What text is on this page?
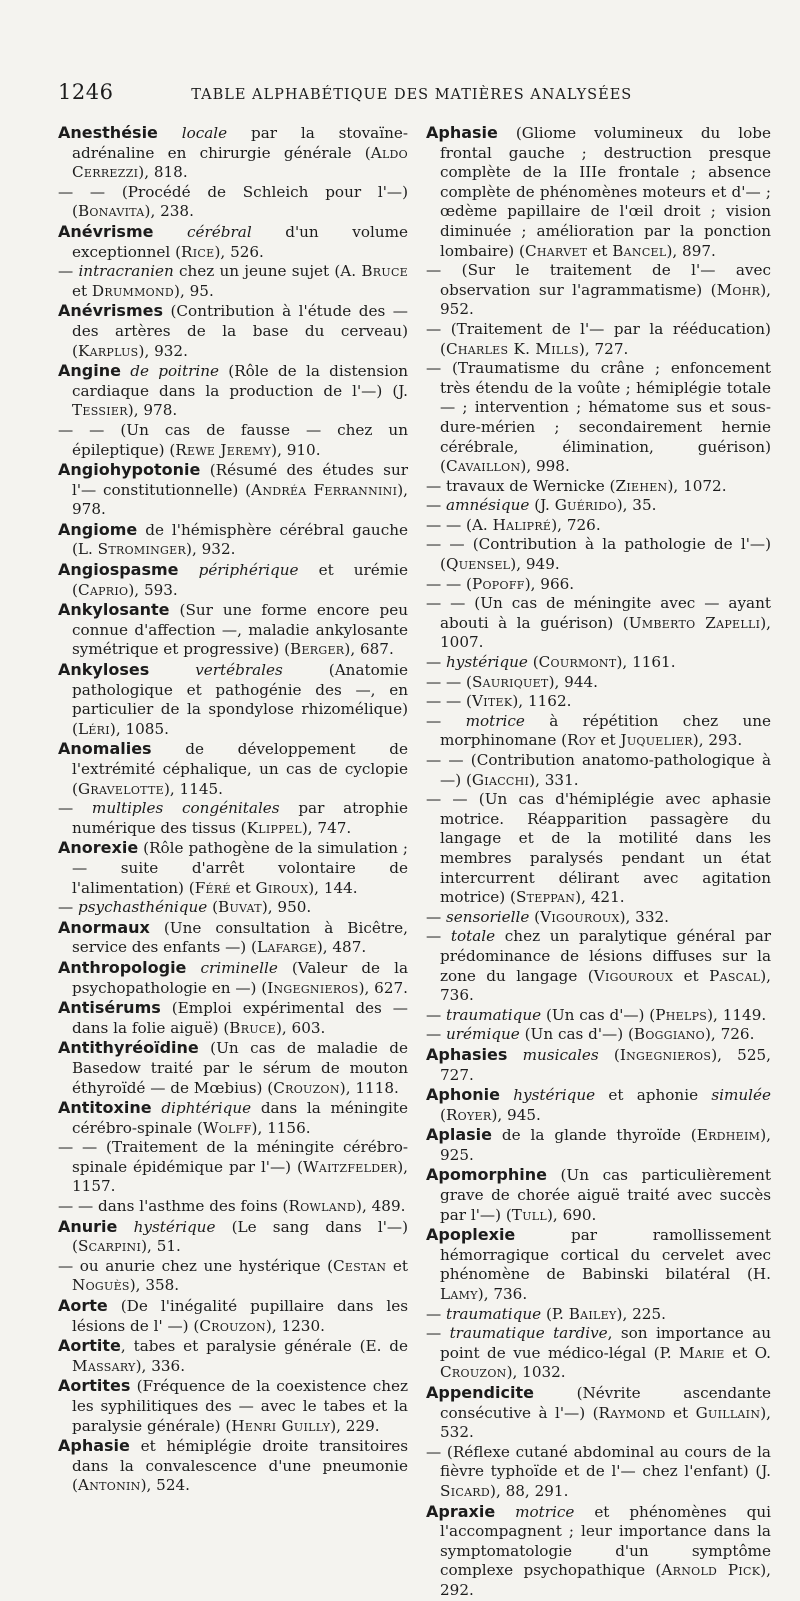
1246	TABLE ALPHABÉTIQUE DES MATIÈRES ANALYSÉES

Anesthésie locale par la stovaïne-adrénaline en chirurgie générale (Aldo Cerrezzi), 818.

— — (Procédé de Schleich pour l'—) (Bonavita), 238.

Anévrisme cérébral d'un volume exceptionnel (Rice), 526.

— intracranien chez un jeune sujet (A. Bruce et Drummond), 95.

Anévrismes (Contribution à l'étude des — des artères de la base du cerveau) (Karplus), 932.

Angine de poitrine (Rôle de la distension cardiaque dans la production de l'—) (J. Tessier), 978.

— — (Un cas de fausse — chez un épileptique) (Rewe Jeremy), 910.

Angiohypotonie (Résumé des études sur l'— constitutionnelle) (Andréa Ferrannini), 978.

Angiome de l'hémisphère cérébral gauche (L. Strominger), 932.

Angiospasme périphérique et urémie (Caprio), 593.

Ankylosante (Sur une forme encore peu connue d'affection —, maladie ankylosante symétrique et progressive) (Berger), 687.

Ankyloses	vertébrales (Anatomie pathologique et pathogénie des —, en particulier de la spondylose rhizomélique) (Léri), 1085.

Anomalies de développement de l'extrémité céphalique, un cas de cyclopie (Gravelotte), 1145.

— multiples congénitales par atrophie numérique des tissus (Klippel), 747.

Anorexie (Rôle pathogène de la simulation ; — suite d'arrêt volontaire de l'alimentation) (Féré et Giroux), 144.

— psychasthénique (Buvat), 950.

Anormaux (Une consultation à Bicêtre, service des enfants —) (Lafarge), 487.

Anthropologie criminelle (Valeur de la psychopathologie en —) (Ingegnieros), 627.

Antisérums (Emploi expérimental des — dans la folie aiguë) (Bruce), 603.

Antithyréoïdine (Un cas de maladie de Basedow traité par le sérum de mouton éthyroïdé — de Mœbius) (Crouzon), 1118.

Antitoxine diphtérique dans la méningite cérébro-spinale (Wolff), 1156.

— — (Traitement de la méningite cérébro-spinale épidémique par l'—) (Waitzfelder), 1157.

— — dans l'asthme des foins (Rowland), 489.

Anurie hystérique (Le sang dans l'—) (Scarpini), 51.

— ou anurie chez une hystérique (Cestan et Noguès), 358.

Aorte (De l'inégalité pupillaire dans les lésions de l' —) (Crouzon), 1230.

Aortite, tabes et paralysie générale (E. de Massary), 336.

Aortites (Fréquence de la coexistence chez les syphilitiques des — avec le tabes et la paralysie générale) (Henri Guilly), 229.

Aphasie et hémiplégie droite transitoires dans la convalescence d'une pneumonie (Antonin), 524.

Aphasie (Gliome volumineux du lobe frontal gauche ; destruction presque complète de la IIIe frontale ; absence complète de phénomènes moteurs et d'— ; œdème papillaire de l'œil droit ; vision diminuée ; amélioration par la ponction lombaire) (Charvet et Bancel), 897.

— (Sur le traitement de l'— avec observation sur l'agrammatisme) (Mohr), 952.

— (Traitement de l'— par la rééducation) (Charles K. Mills), 727.

— (Traumatisme du crâne ; enfoncement très étendu de la voûte ; hémiplégie totale — ; intervention ; hématome sus et sous-dure-mérien ; secondairement hernie cérébrale, élimination, guérison) (Cavaillon), 998.

— travaux de Wernicke (Ziehen), 1072.

— amnésique (J. Guérido), 35.

— — (A. Halipré), 726.

— — (Contribution à la pathologie de l'—) (Quensel), 949.

— — (Popoff), 966.

— — (Un cas de méningite avec — ayant abouti à la guérison) (Umberto Zapelli), 1007.

— hystérique (Courmont), 1161.

— — (Sauriquet), 944.

— — (Vitek), 1162.

— motrice à répétition chez une morphinomane (Roy et Juquelier), 293.

— — (Contribution anatomo-pathologique à —) (Giacchi), 331.

— — (Un cas d'hémiplégie avec aphasie motrice. Réapparition passagère du langage et de la motilité dans les membres paralysés pendant un état intercurrent délirant avec agitation motrice) (Steppan), 421.

— sensorielle (Vigouroux), 332.

— totale chez un paralytique général par prédominance de lésions diffuses sur la zone du langage (Vigouroux et Pascal), 736.

— traumatique (Un cas d'—) (Phelps), 1149.

— urémique (Un cas d'—) (Boggiano), 726.

Aphasies musicales (Ingegnieros), 525, 727.

Aphonie hystérique et aphonie simulée (Royer), 945.

Aplasie de la glande thyroïde (Erdheim), 925.

Apomorphine (Un cas particulièrement grave de chorée aiguë traité avec succès par l'—) (Tull), 690.

Apoplexie par ramollissement hémorragique cortical du cervelet avec phénomène de Babinski bilatéral (H. Lamy), 736.

— traumatique (P. Bailey), 225.

— traumatique tardive, son importance au point de vue médico-légal (P. Marie et O. Crouzon), 1032.

Appendicite (Névrite ascendante consécutive à l'—) (Raymond et Guillain), 532.

— (Réflexe cutané abdominal au cours de la fièvre typhoïde et de l'— chez l'enfant) (J. Sicard), 88, 291.

Apraxie motrice et phénomènes qui l'accompagnent ; leur importance dans la symptomatologie d'un symptôme complexe psychopathique (Arnold Pick), 292.
